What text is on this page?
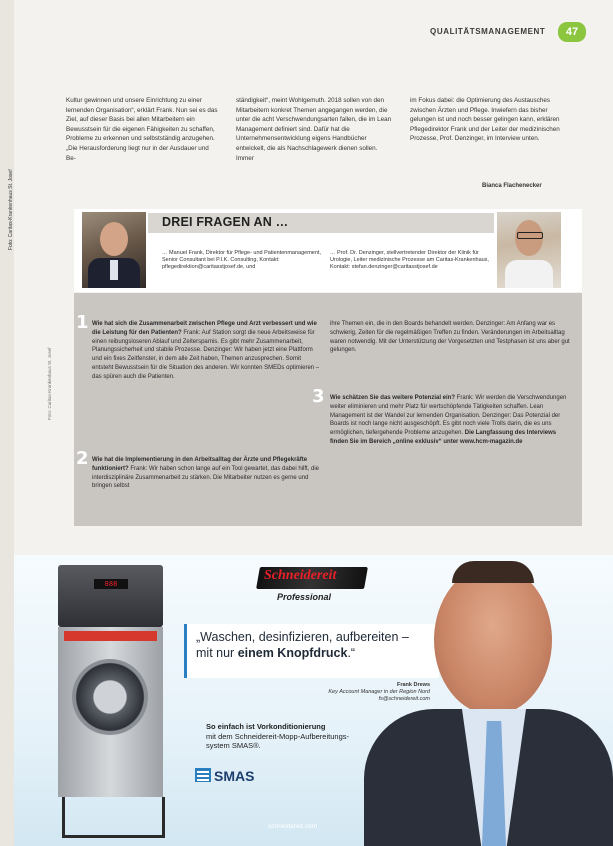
QUALITÄTSMANAGEMENT	47

Kultur gewinnen und unsere Einrichtung zu einer lernenden Organisation“, erklärt Frank. Nun sei es das Ziel, auf dieser Basis bei allen Mitarbeitern ein Bewusstsein für die eigenen Fähigkeiten zu schaffen, Probleme zu erkennen und selbstständig anzugehen. „Die Herausforderung liegt nur in der Ausdauer und Be-

ständigkeit“, meint Wohlgemuth. 2018 sollen von den Mitarbeitern konkret Themen angegangen werden, die unter die acht Verschwendungsarten fallen, die im Lean Management definiert sind. Dafür hat die Unternehmensentwicklung eigens Handbücher entwickelt, die als Nachschlagewerk dienen sollen. Immer

im Fokus dabei: die Optimierung des Austausches zwischen Ärzten und Pflege. Inwiefern das bisher gelungen ist und noch besser gelingen kann, erklären Pflegedirektor Frank und der Leiter der medizinischen Prozesse, Prof. Denzinger, im Interview unten.

Bianca Flachenecker
DREI FRAGEN AN …
… Manuel Frank, Direktor für Pflege- und Patientenmanagement, Senior Consultant bei P.I.K. Consulting, Kontakt: pflegedirektion@caritasstjosef.de, und
… Prof. Dr. Denzinger, stellvertretender Direktor der Klinik für Urologie, Leiter medizinische Prozesse am Caritas-Krankenhaus, Kontakt: stefan.denzinger@caritasstjosef.de
1 Wie hat sich die Zusammenarbeit zwischen Pflege und Arzt verbessert und wie die Leistung für den Patienten? Frank: Auf Station sorgt die neue Arbeitsweise für einen reibungsloseren Ablauf und Zeitersparnis. Es gibt mehr Zusammenarbeit, Planungssicherheit und stabile Prozesse. Denzinger: Wir haben jetzt eine Plattform und ein fixes Zeitfenster, in dem alle Zeit haben, Themen anzusprechen. Somit entsteht Bewusstsein für die Situation des anderen. Wir konnten SMEDs optimieren – das spüren auch die Patienten.
2 Wie hat die Implementierung in den Arbeitsalltag der Ärzte und Pflegekräfte funktioniert? Frank: Wir haben schon lange auf ein Tool gewartet, das dabei hilft, die interdisziplinäre Zusammenarbeit zu stärken. Die Mitarbeiter nutzen es gerne und bringen selbst
ihre Themen ein, die in den Boards behandelt werden. Denzinger: Am Anfang war es schwierig, Zeiten für die regelmäßigen Treffen zu finden. Veränderungen im Arbeitsalltag waren notwendig. Mit der Unterstützung der Vorgesetzten und Testphasen ist uns aber gut gelungen.
3 Wie schätzen Sie das weitere Potenzial ein? Frank: Wir werden die Verschwendungen weiter eliminieren und mehr Platz für wertschöpfende Tätigkeiten schaffen. Lean Management ist der Wandel zur lernenden Organisation. Denzinger: Das Potenzial der Boards ist noch lange nicht ausgeschöpft. Es gibt noch viele Trolls darin, die es uns ermöglichen, tiefergehende Probleme anzugehen. Die Langfassung des Interviews finden Sie im Bereich „online exklusiv“ unter www.hcm-magazin.de
Foto: Caritas-Krankenhaus St. Josef
888
Schneidereit
Professional
„Waschen, desinfizieren, aufbereiten –
mit nur einem Knopfdruck.“
Frank Drews
Key Account Manager in der Region Nord
fs@schneidereit.com
So einfach ist Vorkonditionierung
mit dem Schneidereit-Mopp-Aufbereitungs-
system SMAS®.
SMAS
schneidereit.com
Foto: Caritas-Krankenhaus St. Josef
